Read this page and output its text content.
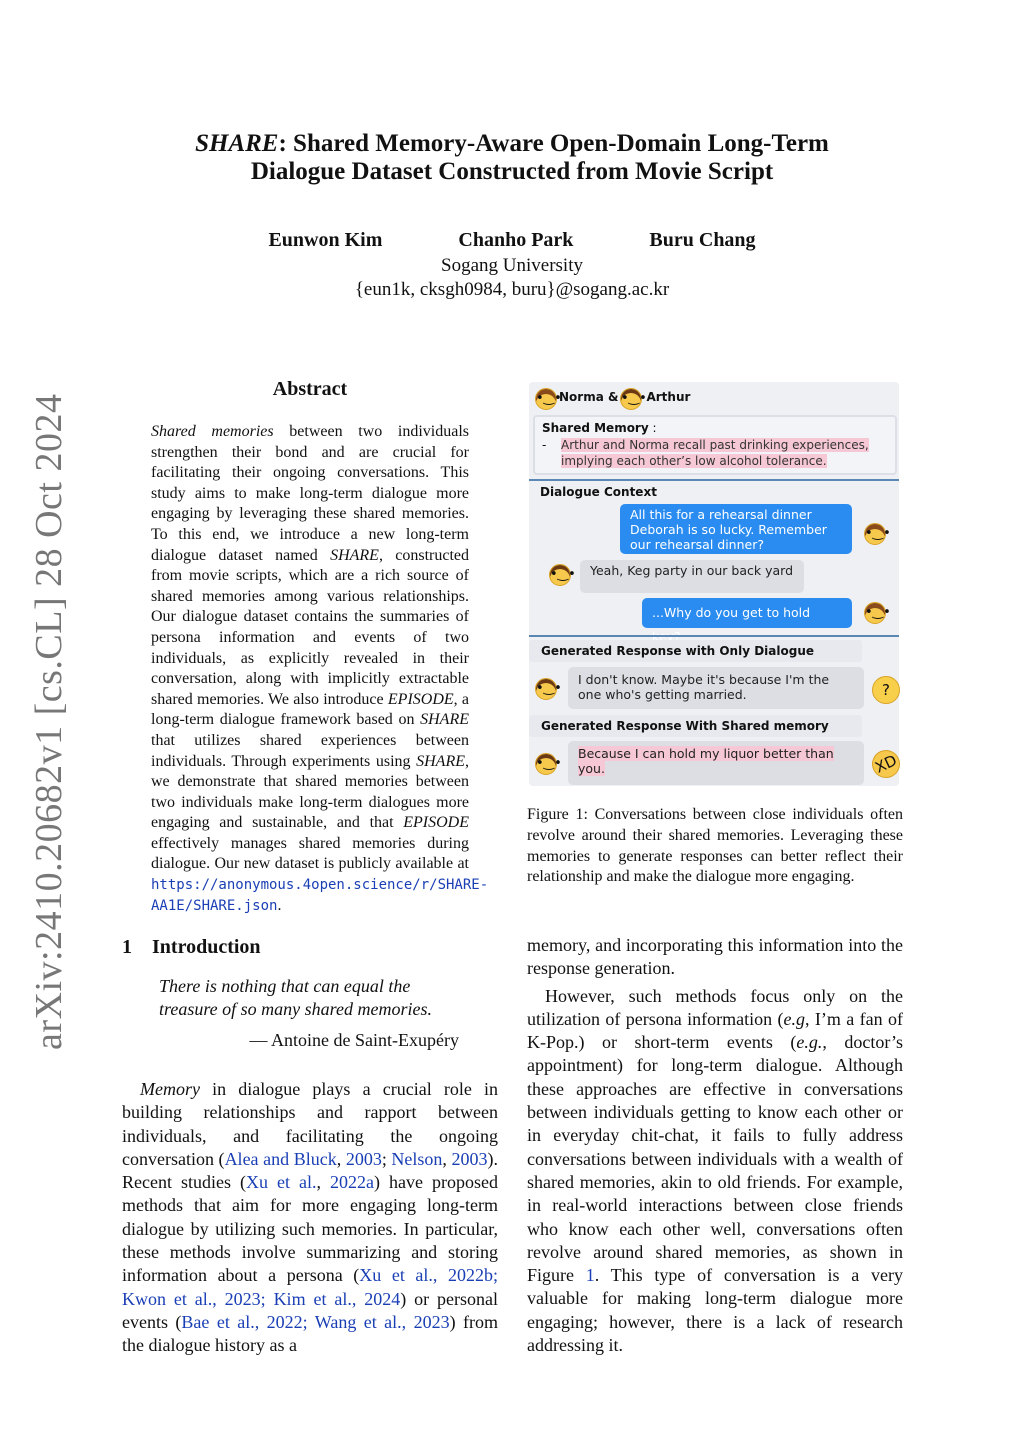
arXiv:2410.20682v1 [cs.CL] 28 Oct 2024
SHARE: Shared Memory-Aware Open-Domain Long-Term
Dialogue Dataset Constructed from Movie Script
Eunwon Kim	Chanho Park	Buru Chang
Sogang University
{eun1k, cksgh0984, buru}@sogang.ac.kr
Abstract
Shared memories between two individuals strengthen their bond and are crucial for facilitating their ongoing conversations. This study aims to make long-term dialogue more engaging by leveraging these shared memories. To this end, we introduce a new long-term dialogue dataset named SHARE, constructed from movie scripts, which are a rich source of shared memories among various relationships. Our dialogue dataset contains the summaries of persona information and events of two individuals, as explicitly revealed in their conversation, along with implicitly extractable shared memories. We also introduce EPISODE, a long-term dialogue framework based on SHARE that utilizes shared experiences between individuals. Through experiments using SHARE, we demonstrate that shared memories between two individuals make long-term dialogues more engaging and sustainable, and that EPISODE effectively manages shared memories during dialogue. Our new dataset is publicly available at https://anonymous.4open.science/r/SHARE-AA1E/SHARE.json.
•‿•	•‿•
Norma & Arthur
Shared Memory :
- Arthur and Norma recall past drinking experiences, implying each other’s low alcohol tolerance.
Dialogue Context
All this for a rehearsal dinner Deborah is so lucky. Remember our rehearsal dinner?
•‿•
•‿•	Yeah, Keg party in our back yard
...Why do you get to hold	•‿•
Generated Response with Only Dialogue
•‿•
I don't know. Maybe it's because I'm the one who's getting married.	?
Generated Response With Shared memory
•‿•
Because I can hold my liquor better than you.	XD
Figure 1: Conversations between close individuals often revolve around their shared memories. Leveraging these memories to generate responses can better reflect their relationship and make the dialogue more engaging.
1 Introduction
There is nothing that can equal the treasure of so many shared memories.
— Antoine de Saint-Exupéry
Memory in dialogue plays a crucial role in building relationships and rapport between individuals, and facilitating the ongoing conversation (Alea and Bluck, 2003; Nelson, 2003). Recent studies (Xu et al., 2022a) have proposed methods that aim for more engaging long-term dialogue by utilizing such memories. In particular, these methods involve summarizing and storing information about a persona (Xu et al., 2022b; Kwon et al., 2023; Kim et al., 2024) or personal events (Bae et al., 2022; Wang et al., 2023) from the dialogue history as a

memory, and incorporating this information into the response generation.

However, such methods focus only on the utilization of persona information (e.g, I’m a fan of K-Pop.) or short-term events (e.g., doctor’s appointment) for long-term dialogue. Although these approaches are effective in conversations between individuals getting to know each other or in everyday chit-chat, it fails to fully address conversations between individuals with a wealth of shared memories, akin to old friends. For example, in real-world interactions between close friends who know each other well, conversations often revolve around shared memories, as shown in Figure 1. This type of conversation is a very valuable for making long-term dialogue more engaging; however, there is a lack of research addressing it.
